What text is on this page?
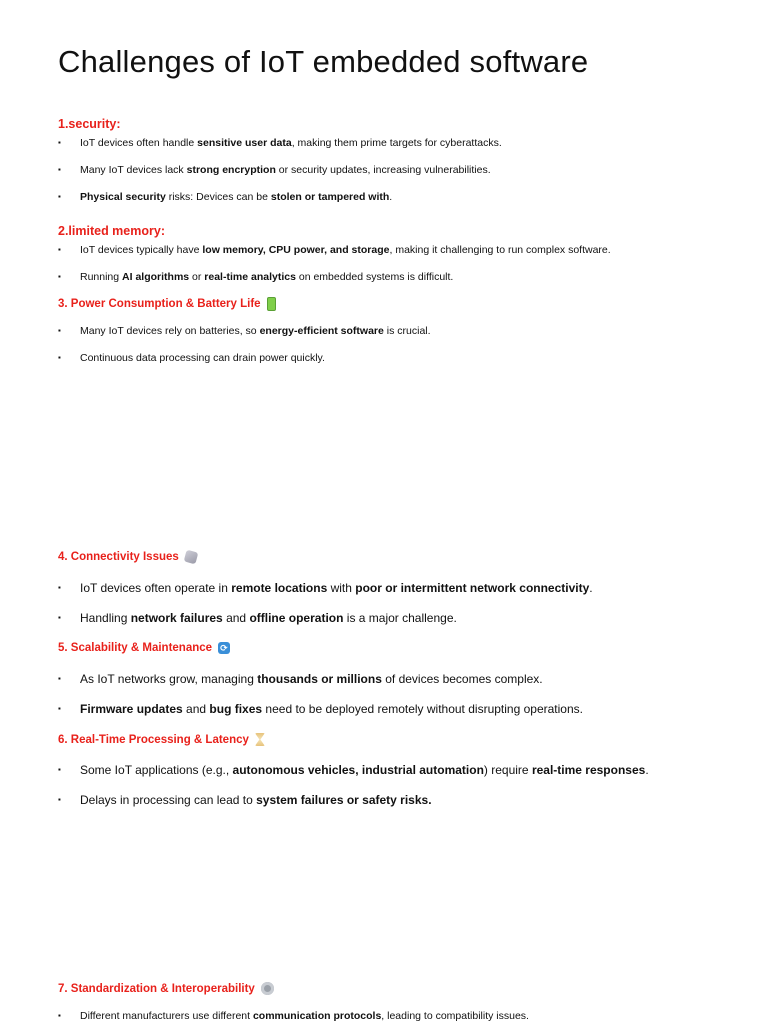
Challenges of IoT embedded software
1.security:
▪	IoT devices often handle sensitive user data, making them prime targets for cyberattacks.
▪	Many IoT devices lack strong encryption or security updates, increasing vulnerabilities.
▪	Physical security risks: Devices can be stolen or tampered with.
2.limited memory:
▪	IoT devices typically have low memory, CPU power, and storage, making it challenging to run complex software.
▪	Running AI algorithms or real-time analytics on embedded systems is difficult.
3. Power Consumption & Battery Life
▪	Many IoT devices rely on batteries, so energy-efficient software is crucial.
▪	Continuous data processing can drain power quickly.
4. Connectivity Issues
▪	IoT devices often operate in remote locations with poor or intermittent network connectivity.
▪	Handling network failures and offline operation is a major challenge.
5. Scalability & Maintenance ⟳
▪	As IoT networks grow, managing thousands or millions of devices becomes complex.
▪	Firmware updates and bug fixes need to be deployed remotely without disrupting operations.
6. Real-Time Processing & Latency
▪	Some IoT applications (e.g., autonomous vehicles, industrial automation) require real-time responses.
▪	Delays in processing can lead to system failures or safety risks.
7. Standardization & Interoperability
▪	Different manufacturers use different communication protocols, leading to compatibility issues.
